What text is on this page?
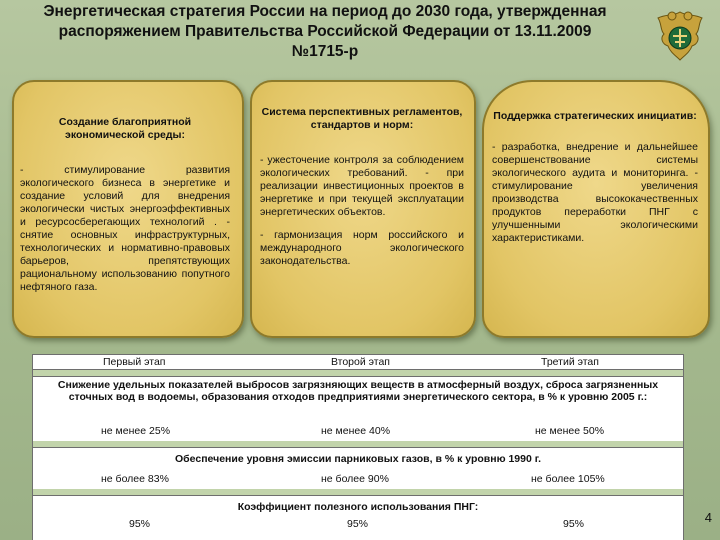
Энергетическая стратегия России на период до 2030 года, утвержденная
распоряжением Правительства Российской Федерации от 13.11.2009
№1715-р
Создание благоприятной экономической среды:

- стимулирование развития экологического бизнеса в энергетике и создание условий для внедрения экологически чистых энергоэффективных и ресурсосберегающих технологий . - снятие основных инфраструктурных, технологических и нормативно-правовых барьеров, препятствующих рациональному использованию попутного нефтяного газа.

Система перспективных регламентов, стандартов и норм:

- ужесточение контроля за соблюдением экологических требований. - при реализации инвестиционных проектов в энергетике и при текущей эксплуатации энергетических объектов.

- гармонизация норм российского и международного экологического законодательства.

Поддержка стратегических инициатив:

- разработка, внедрение и дальнейшее совершенствование системы экологического аудита и мониторинга. - стимулирование увеличения производства высококачественных продуктов переработки ПНГ с улучшенными экологическими характеристиками.

Первый этап	Второй этап	Третий этап
Снижение удельных показателей выбросов загрязняющих веществ в атмосферный воздух, сброса загрязненных сточных вод в водоемы, образования отходов предприятиями энергетического сектора, в % к уровню 2005 г.:
не менее 25%	не менее 40%	не менее 50%
Обеспечение уровня эмиссии парниковых газов, в % к уровню 1990 г.
не более 83%	не более 90%	не более 105%
Коэффициент полезного использования ПНГ:
95%	95%	95%	4
